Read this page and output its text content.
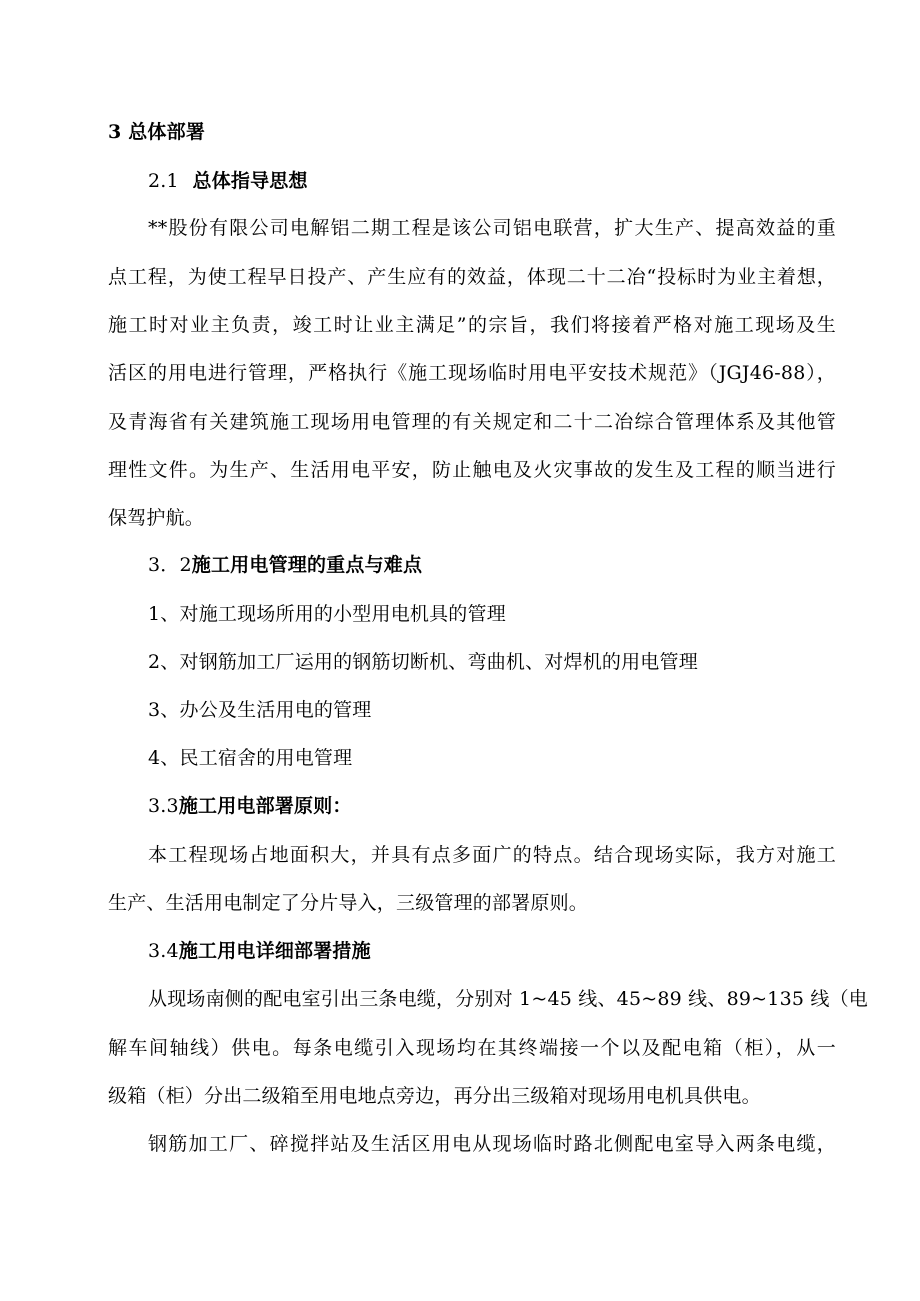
3 总体部署
2.1 总体指导思想
**股份有限公司电解铝二期工程是该公司铝电联营，扩大生产、提高效益的重
点工程，为使工程早日投产、产生应有的效益，体现二十二冶“投标时为业主着想，
施工时对业主负责，竣工时让业主满足”的宗旨，我们将接着严格对施工现场及生
活区的用电进行管理，严格执行《施工现场临时用电平安技术规范》（JGJ46-88），
及青海省有关建筑施工现场用电管理的有关规定和二十二冶综合管理体系及其他管
理性文件。为生产、生活用电平安，防止触电及火灾事故的发生及工程的顺当进行
保驾护航。
3．2施工用电管理的重点与难点
1、对施工现场所用的小型用电机具的管理
2、对钢筋加工厂运用的钢筋切断机、弯曲机、对焊机的用电管理
3、办公及生活用电的管理
4、民工宿舍的用电管理
3.3施工用电部署原则：
本工程现场占地面积大，并具有点多面广的特点。结合现场实际，我方对施工
生产、生活用电制定了分片导入，三级管理的部署原则。
3.4施工用电详细部署措施
从现场南侧的配电室引出三条电缆，分别对 1~45 线、45~89 线、89~135 线（电
解车间轴线）供电。每条电缆引入现场均在其终端接一个以及配电箱（柜），从一
级箱（柜）分出二级箱至用电地点旁边，再分出三级箱对现场用电机具供电。
钢筋加工厂、碎搅拌站及生活区用电从现场临时路北侧配电室导入两条电缆，
